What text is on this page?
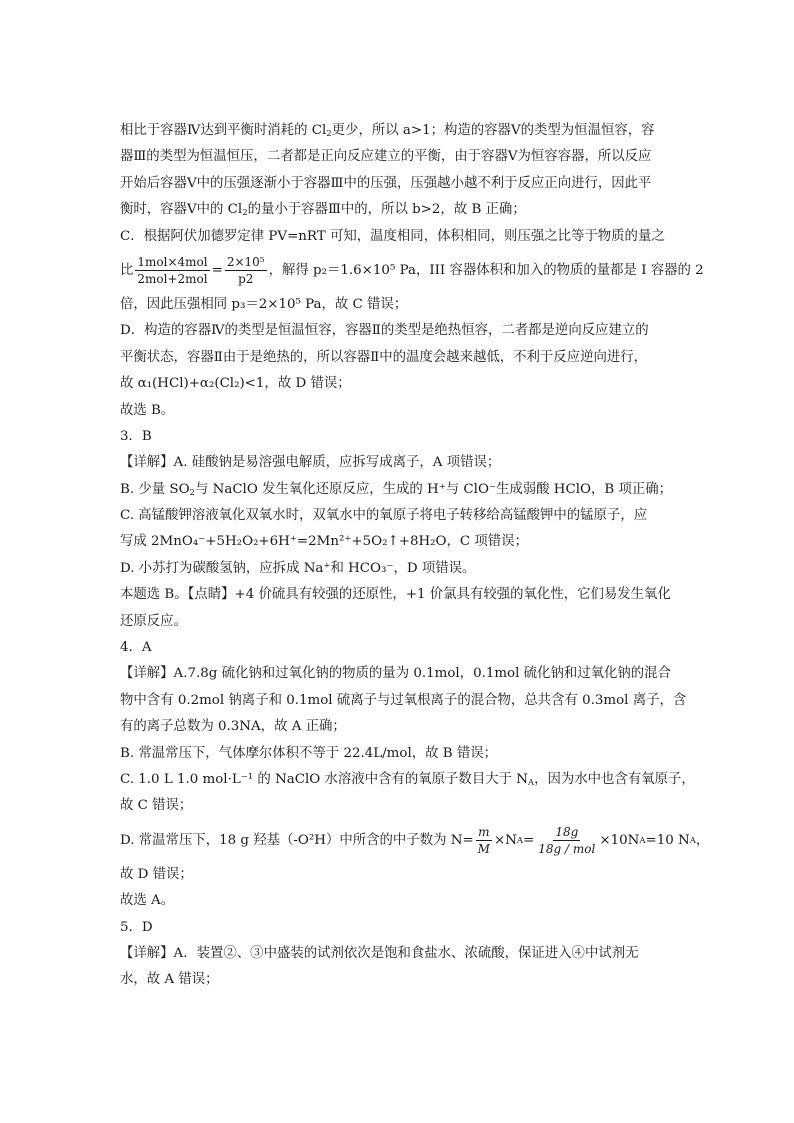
相比于容器Ⅳ达到平衡时消耗的 $Cl_2$更少，所以 a>1；构造的容器Ⅴ的类型为恒温恒容，容
器Ⅲ的类型为恒温恒压，二者都是正向反应建立的平衡，由于容器Ⅴ为恒容容器，所以反应
开始后容器Ⅴ中的压强逐渐小于容器Ⅲ中的压强，压强越小越不利于反应正向进行，因此平
衡时，容器Ⅴ中的 $Cl_2$的量小于容器Ⅲ中的，所以 b>2，故 B 正确；
C．根据阿伏加德罗定律 PV=nRT 可知，温度相同，体积相同，则压强之比等于物质的量之
比 $\frac{\text{1mol×4mol}}{\text{2mol+2mol}} = \frac{\text{2×10⁵}}{p2}$ ，解得 p₂＝1.6×10⁵ Pa，III 容器体积和加入的物质的量都是 I 容器的 2
倍，因此压强相同 p₃＝2×10⁵ Pa，故 C 错误；
D．构造的容器Ⅳ的类型是恒温恒容，容器Ⅱ的类型是绝热恒容，二者都是逆向反应建立的
平衡状态，容器Ⅱ由于是绝热的，所以容器Ⅱ中的温度会越来越低，不利于反应逆向进行，
故 α₁(HCl)+α₂(Cl₂)<1，故 D 错误；
故选 B。
3．B
【详解】A. 硅酸钠是易溶强电解质，应拆写成离子，A 项错误；
B. 少量 $SO_2$与 NaClO 发生氧化还原反应，生成的 H⁺与 ClO⁻生成弱酸 HClO，B 项正确；
C. 高锰酸钾溶液氧化双氧水时，双氧水中的氧原子将电子转移给高锰酸钾中的锰原子，应
写成 2MnO₄⁻+5H₂O₂+6H⁺=2Mn²⁺+5O₂↑+8H₂O，C 项错误；
D. 小苏打为碳酸氢钠，应拆成 Na⁺和 HCO₃⁻，D 项错误。
本题选 B。【点睛】+4 价硫具有较强的还原性，+1 价氯具有较强的氧化性，它们易发生氧化
还原反应。
4．A
【详解】A.7.8g 硫化钠和过氧化钠的物质的量为 0.1mol，0.1mol 硫化钠和过氧化钠的混合
物中含有 0.2mol 钠离子和 0.1mol 硫离子与过氧根离子的混合物，总共含有 0.3mol 离子，含
有的离子总数为 0.3NA，故 A 正确；
B. 常温常压下，气体摩尔体积不等于 22.4L/mol，故 B 错误；
C. 1.0 L 1.0 mol·L⁻¹ 的 NaClO 水溶液中含有的氧原子数目大于 $N_A$，因为水中也含有氧原子，
故 C 错误；
D. 常温常压下，18 g 羟基（-O²H）中所含的中子数为 $N= \frac{m}{M} \times N$ $A = \frac{18g}{\text{18g / mol}} \times 10N$ A =10 N A ，
故 D 错误；
故选 A。
5．D
【详解】A．装置②、③中盛装的试剂依次是饱和食盐水、浓硫酸，保证进入④中试剂无
水，故 A 错误；
